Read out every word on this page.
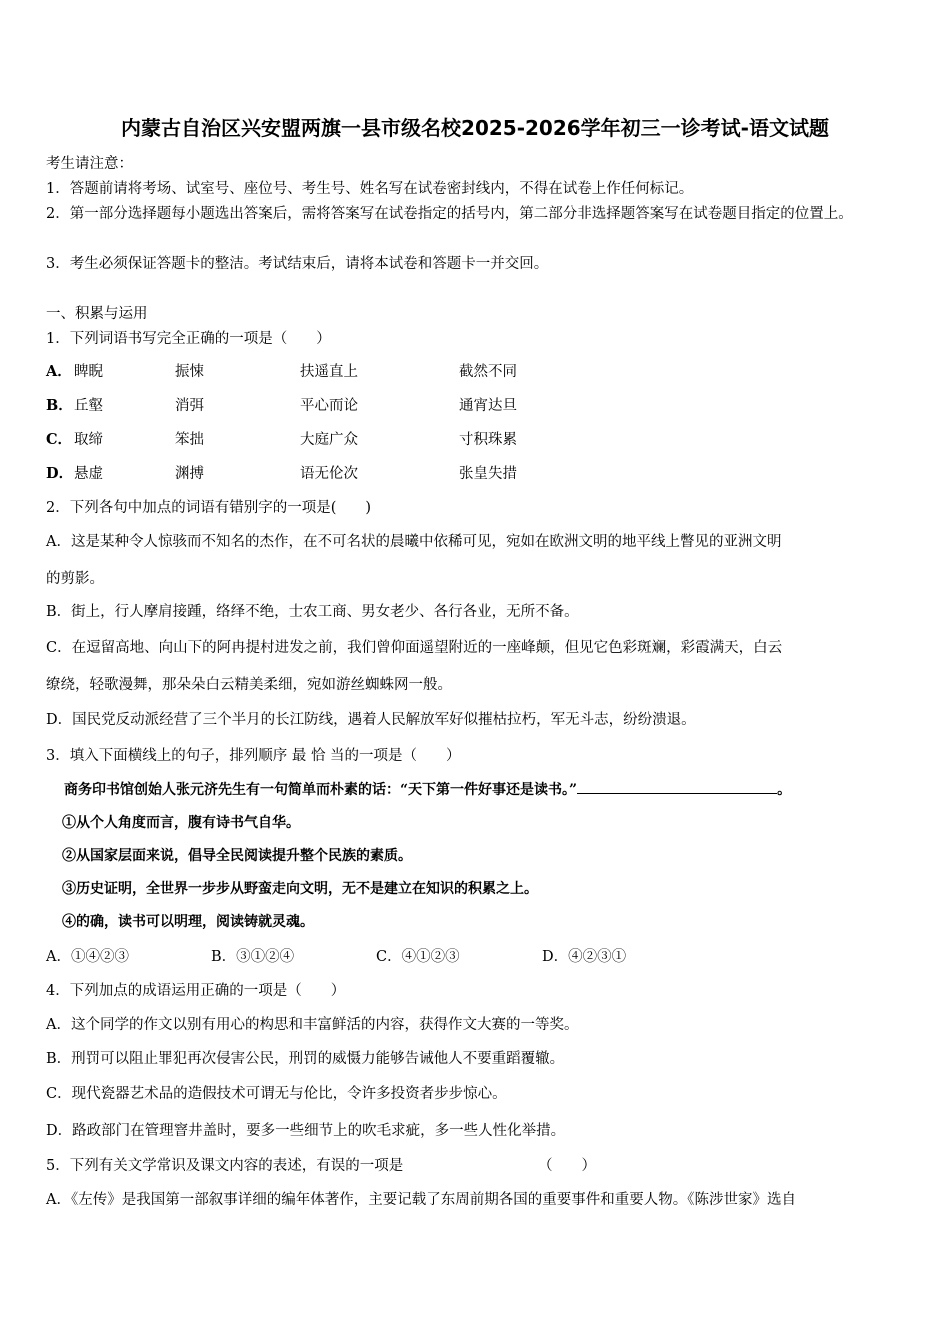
内蒙古自治区兴安盟两旗一县市级名校2025-2026学年初三一诊考试-语文试题
考生请注意：
1．答题前请将考场、试室号、座位号、考生号、姓名写在试卷密封线内，不得在试卷上作任何标记。
2．第一部分选择题每小题选出答案后，需将答案写在试卷指定的括号内，第二部分非选择题答案写在试卷题目指定的位置上。
3．考生必须保证答题卡的整洁。考试结束后，请将本试卷和答题卡一并交回。
一、积累与运用
1．下列词语书写完全正确的一项是（　　）
A． 睥睨	振悚	扶遥直上	截然不同
B． 丘壑	消弭	平心而论	通宵达旦
C． 取缔	笨拙	大庭广众	寸积珠累
D． 悬虚	渊搏	语无伦次	张皇失措
2．下列各句中加点的词语有错别字的一项是(　　)
A．这是某种令人惊骇而不知名的杰作，在不可名状的晨曦中依稀可见，宛如在欧洲文明的地平线上瞥见的亚洲文明
的剪影。
B．街上，行人摩肩接踵，络绎不绝，士农工商、男女老少、各行各业，无所不备。
C．在逗留高地、向山下的阿冉提村进发之前，我们曾仰面遥望附近的一座峰颠，但见它色彩斑斓，彩霞满天，白云
缭绕，轻歌漫舞，那朵朵白云精美柔细，宛如游丝蜘蛛网一般。
D．国民党反动派经营了三个半月的长江防线，遇着人民解放军好似摧枯拉朽，军无斗志，纷纷溃退。
3．填入下面横线上的句子，排列顺序 最 恰 当的一项是（　　）
商务印书馆创始人张元济先生有一句简单而朴素的话：“天下第一件好事还是读书。”	。
①从个人角度而言，腹有诗书气自华。
②从国家层面来说，倡导全民阅读提升整个民族的素质。
③历史证明，全世界一步步从野蛮走向文明，无不是建立在知识的积累之上。
④的确，读书可以明理，阅读铸就灵魂。
A．①④②③	B．③①②④	C．④①②③	D．④②③①
4．下列加点的成语运用正确的一项是（　　）
A．这个同学的作文以别有用心的构思和丰富鲜活的内容，获得作文大赛的一等奖。
B．刑罚可以阻止罪犯再次侵害公民，刑罚的威慑力能够告诫他人不要重蹈覆辙。
C．现代瓷器艺术品的造假技术可谓无与伦比，令许多投资者步步惊心。
D．路政部门在管理窨井盖时，要多一些细节上的吹毛求疵，多一些人性化举措。
5．下列有关文学常识及课文内容的表述，有误的一项是	（　　）
A．《左传》是我国第一部叙事详细的编年体著作，主要记载了东周前期各国的重要事件和重要人物。《陈涉世家》选自
